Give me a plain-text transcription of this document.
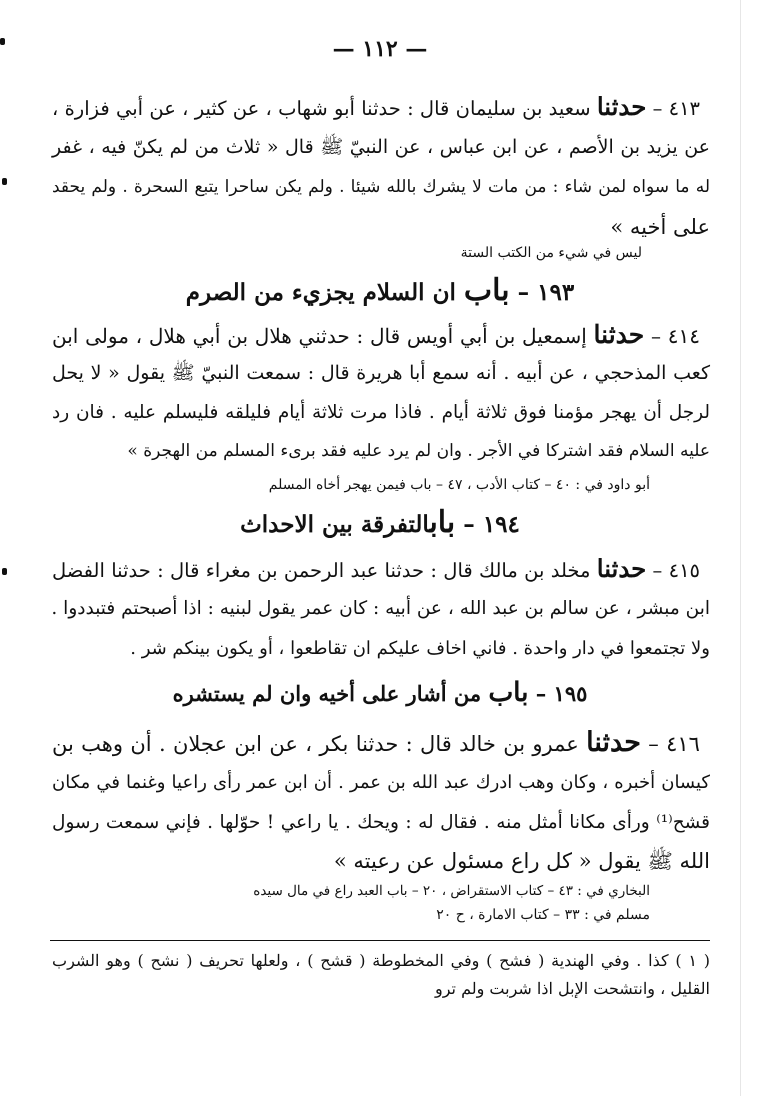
— ١١٢ —
٤١٣ – حدثنا سعيد بن سليمان قال : حدثنا أبو شهاب ، عن كثير ، عن أبي فزارة ،
عن يزيد بن الأصم ، عن ابن عباس ، عن النبيّ ﷺ قال « ثلاث من لم يكنّ فيه ، غفر
له ما سواه لمن شاء : من مات لا يشرك بالله شيئا . ولم يكن ساحرا يتبع السحرة . ولم يحقد
على أخيه »
ليس في شيء من الكتب الستة
١٩٣ – باب ان السلام يجزيء من الصرم
٤١٤ – حدثنا إسمعيل بن أبي أويس قال : حدثني هلال بن أبي هلال ، مولى ابن
كعب المذحجي ، عن أبيه . أنه سمع أبا هريرة قال : سمعت النبيّ ﷺ يقول « لا يحل
لرجل أن يهجر مؤمنا فوق ثلاثة أيام . فاذا مرت ثلاثة أيام فليلقه فليسلم عليه . فان رد
عليه السلام فقد اشتركا في الأجر . وان لم يرد عليه فقد برىء المسلم من الهجرة »
أبو داود في : ٤٠ – كتاب الأدب ، ٤٧ – باب فيمن يهجر أخاه المسلم
١٩٤ – بابالتفرقة بين الاحداث
٤١٥ – حدثنا مخلد بن مالك قال : حدثنا عبد الرحمن بن مغراء قال : حدثنا الفضل
ابن مبشر ، عن سالم بن عبد الله ، عن أبيه : كان عمر يقول لبنيه : اذا أصبحتم فتبددوا .
ولا تجتمعوا في دار واحدة . فاني اخاف عليكم ان تقاطعوا ، أو يكون بينكم شر .
١٩٥ – باب من أشار على أخيه وان لم يستشره
٤١٦ – حدثنا عمرو بن خالد قال : حدثنا بكر ، عن ابن عجلان . أن وهب بن
كيسان أخبره ، وكان وهب ادرك عبد الله بن عمر . أن ابن عمر رأى راعيا وغنما في مكان
قشح⁽¹⁾ ورأى مكانا أمثل منه . فقال له : ويحك . يا راعي ! حوّلها . فإني سمعت رسول
الله ﷺ يقول « كل راع مسئول عن رعيته »
البخاري في : ٤٣ – كتاب الاستقراض ، ٢٠ – باب العبد راع في مال سيده
مسلم في : ٣٣ – كتاب الامارة ، ح ٢٠
( ١ ) كذا . وفي الهندية ( فشح ) وفي المخطوطة ( قشح ) ، ولعلها تحريف ( نشح ) وهو الشرب
القليل ، وانتشحت الإبل اذا شربت ولم ترو
